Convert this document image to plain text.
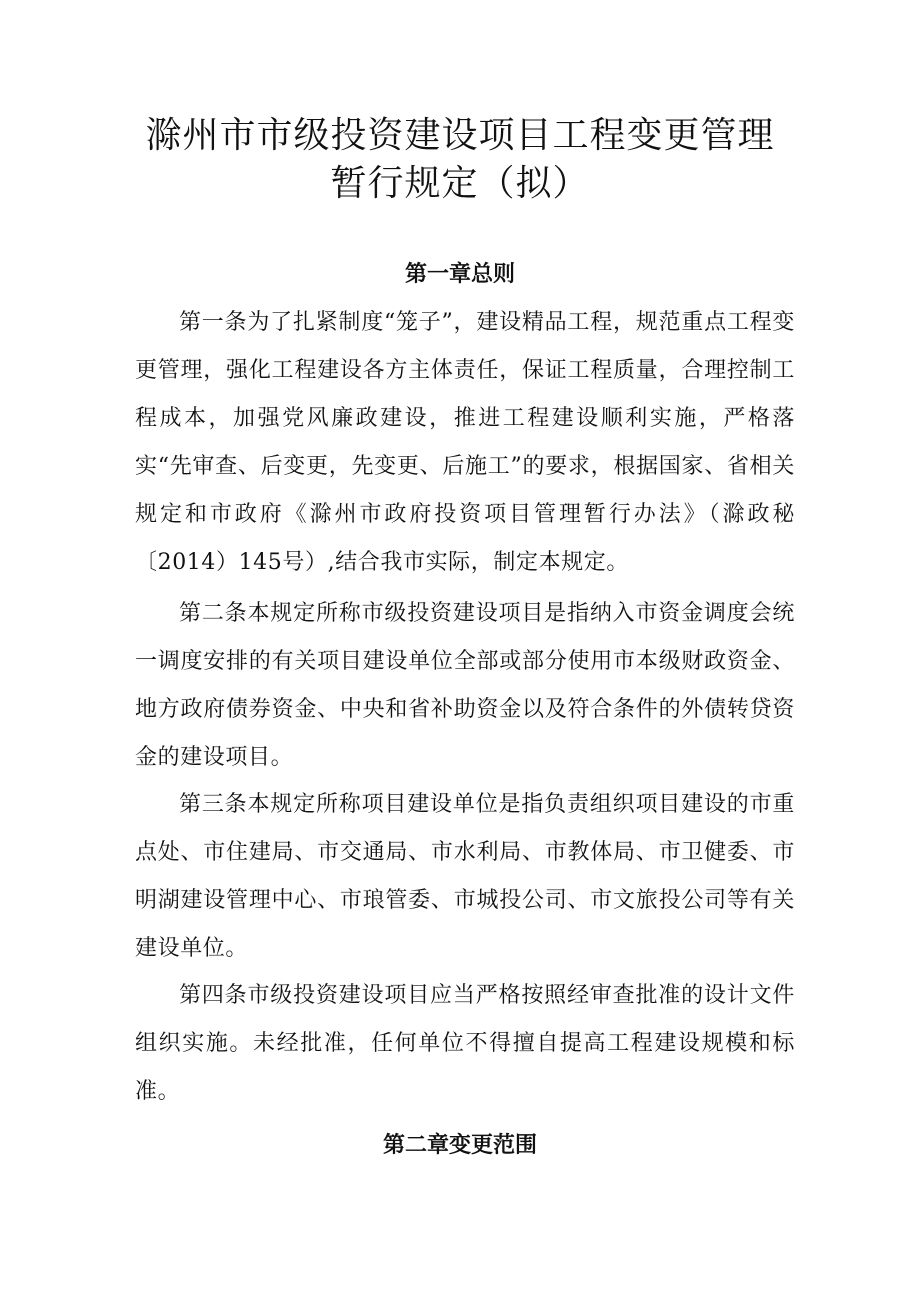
滁州市市级投资建设项目工程变更管理
暂行规定（拟）
第一章总则

第一条为了扎紧制度“笼子”，建设精品工程，规范重点工程变更管理，强化工程建设各方主体责任，保证工程质量，合理控制工程成本，加强党风廉政建设，推进工程建设顺利实施，严格落实“先审查、后变更，先变更、后施工”的要求，根据国家、省相关规定和市政府《滁州市政府投资项目管理暂行办法》（滁政秘〔2014）145号）,结合我市实际，制定本规定。

第二条本规定所称市级投资建设项目是指纳入市资金调度会统一调度安排的有关项目建设单位全部或部分使用市本级财政资金、地方政府债券资金、中央和省补助资金以及符合条件的外债转贷资金的建设项目。

第三条本规定所称项目建设单位是指负责组织项目建设的市重点处、市住建局、市交通局、市水利局、市教体局、市卫健委、市明湖建设管理中心、市琅管委、市城投公司、市文旅投公司等有关建设单位。

第四条市级投资建设项目应当严格按照经审查批准的设计文件组织实施。未经批准，任何单位不得擅自提高工程建设规模和标准。

第二章变更范围
